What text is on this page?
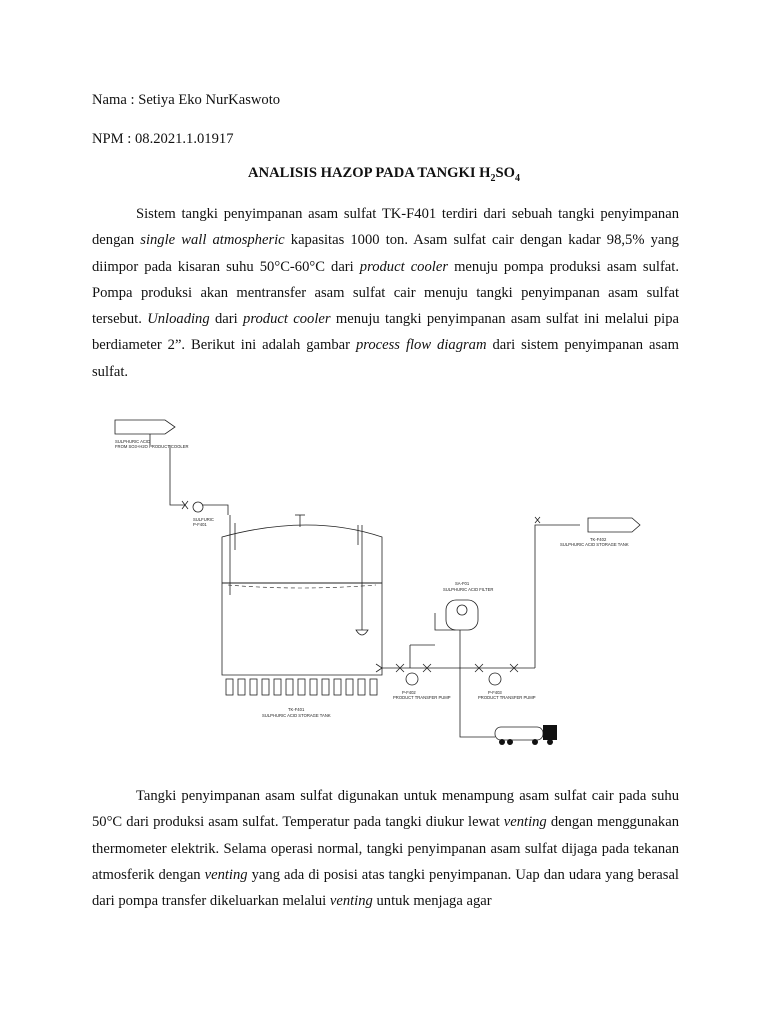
Nama : Setiya Eko NurKaswoto
NPM : 08.2021.1.01917
ANALISIS HAZOP PADA TANGKI $H_2SO_4$

Sistem tangki penyimpanan asam sulfat TK-F401 terdiri dari sebuah tangki penyimpanan dengan single wall atmospheric kapasitas 1000 ton. Asam sulfat cair dengan kadar 98,5% yang diimpor pada kisaran suhu 50°C-60°C dari product cooler menuju pompa produksi asam sulfat. Pompa produksi akan mentransfer asam sulfat cair menuju tangki penyimpanan asam sulfat tersebut. Unloading dari product cooler menuju tangki penyimpanan asam sulfat ini melalui pipa berdiameter 2”. Berikut ini adalah gambar process flow diagram dari sistem penyimpanan asam sulfat.

SULPHURIC ACID
FROM SO3+H2O PRODUCT COOLER
SULFURIC
P-F401
TK-F401
SULPHURIC ACID STORAGE TANK
SA-F01
SULPHURIC ACID FILTER
TK-F402
SULPHURIC ACID STORAGE TANK
P-F402
PRODUCT TRANSFER PUMP
P-F403
PRODUCT TRANSFER PUMP

Tangki penyimpanan asam sulfat digunakan untuk menampung asam sulfat cair pada suhu 50°C dari produksi asam sulfat. Temperatur pada tangki diukur lewat venting dengan menggunakan thermometer elektrik. Selama operasi normal, tangki penyimpanan asam sulfat dijaga pada tekanan atmosferik dengan venting yang ada di posisi atas tangki penyimpanan. Uap dan udara yang berasal dari pompa transfer dikeluarkan melalui venting untuk menjaga agar
